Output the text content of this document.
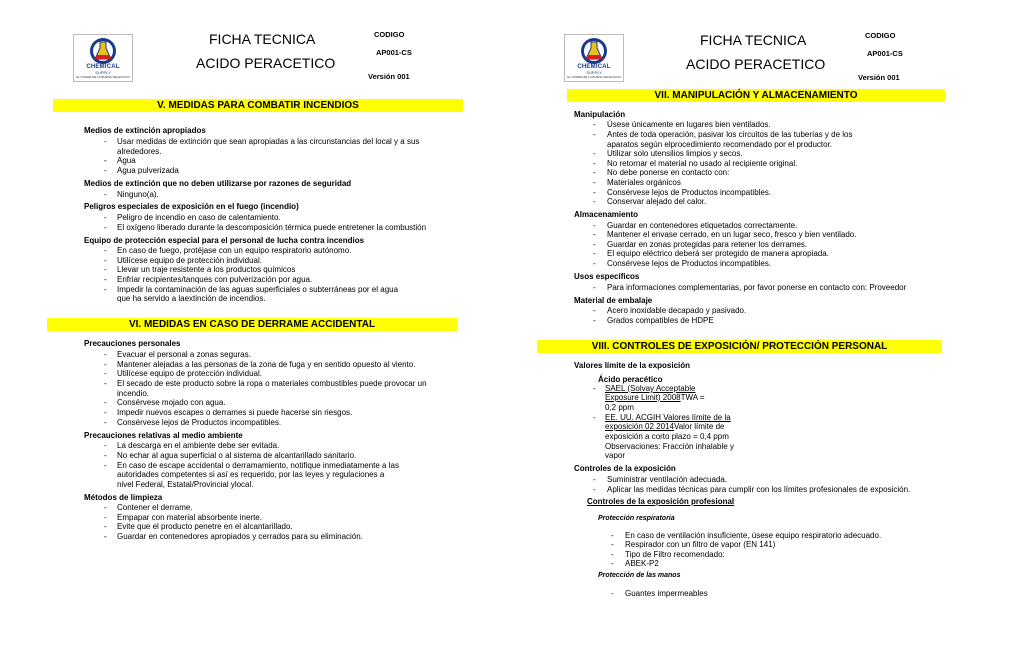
CHEMICAL
SUPPLY
EL PODER DE LA BUENA SELECCION
FICHA TECNICA
ACIDO PERACETICO
CODIGO
AP001-CS
Versión 001
V. MEDIDAS PARA COMBATIR INCENDIOS
Medios de extinción apropiados
- Usar medidas de extinción que sean apropiadas a las circunstancias del local y a sus
alrededores.
- Agua
- Agua pulverizada
Medios de extinción que no deben utilizarse por razones de seguridad
- Ninguno(a).
Peligros especiales de exposición en el fuego (incendio)
- Peligro de incendio en caso de calentamiento.
- El oxígeno liberado durante la descomposición térmica puede entretener la combustión
Equipo de protección especial para el personal de lucha contra incendios
- En caso de fuego, protéjase con un equipo respiratorio autónomo.
- Utilícese equipo de protección individual.
- Llevar un traje resistente a los productos químicos
- Enfriar recipientes/tanques con pulverización por agua.
- Impedir la contaminación de las aguas superficiales o subterráneas por el agua
que ha servido a laextinción de incendios.
VI. MEDIDAS EN CASO DE DERRAME ACCIDENTAL
Precauciones personales
- Evacuar el personal a zonas seguras.
- Mantener alejadas a las personas de la zona de fuga y en sentido opuesto al viento.
- Utilícese equipo de protección individual.
- El secado de este producto sobre la ropa o materiales combustibles puede provocar un
incendio.
- Consérvese mojado con agua.
- Impedir nuevos escapes o derrames si puede hacerse sin riesgos.
- Consérvese lejos de Productos incompatibles.
Precauciones relativas al medio ambiente
- La descarga en el ambiente debe ser evitada.
- No echar al agua superficial o al sistema de alcantarillado sanitario.
- En caso de escape accidental o derramamiento, notifique inmediatamente a las
autoridades competentes si así es requerido, por las leyes y regulaciones a
nivel Federal, Estatal/Provincial ylocal.
Métodos de limpieza
- Contener el derrame.
- Empapar con material absorbente inerte.
- Evite que el producto penetre en el alcantarillado.
- Guardar en contenedores apropiados y cerrados para su eliminación.
CHEMICAL
SUPPLY
EL PODER DE LA BUENA SELECCION
FICHA TECNICA
ACIDO PERACETICO
CODIGO
AP001-CS
Versión 001
VII. MANIPULACIÓN Y ALMACENAMIENTO
Manipulación
- Úsese únicamente en lugares bien ventilados.
- Antes de toda operación, pasivar los circuitos de las tuberías y de los
aparatos según elprocedimiento recomendado por el productor.
- Utilizar solo utensilios limpios y secos.
- No retornar el material no usado al recipiente original.
- No debe ponerse en contacto con:
- Materiales orgánicos
- Consérvese lejos de Productos incompatibles.
- Conservar alejado del calor.
Almacenamiento
- Guardar en contenedores etiquetados correctamente.
- Mantener el envase cerrado, en un lugar seco, fresco y bien ventilado.
- Guardar en zonas protegidas para retener los derrames.
- El equipo eléctrico deberá ser protegido de manera apropiada.
- Consérvese lejos de Productos incompatibles.
Usos específicos
- Para informaciones complementarias, por favor ponerse en contacto con: Proveedor
Material de embalaje
- Acero inoxidable decapado y pasivado.
- Grados compatibles de HDPE
VIII. CONTROLES DE EXPOSICIÓN/ PROTECCIÓN PERSONAL
Valores límite de la exposición
Ácido peracético
- SAEL (Solvay Acceptable
Exposure Limit) 2008TWA =
0,2 ppm
- EE. UU. ACGIH Valores límite de la
exposición 02 2014Valor límite de
exposición a corto plazo = 0,4 ppm
Observaciones: Fracción inhalable y
vapor
Controles de la exposición
- Suministrar ventilación adecuada.
- Aplicar las medidas técnicas para cumplir con los límites profesionales de exposición.
Controles de la exposición profesional
Protección respiratoria
- En caso de ventilación insuficiente, úsese equipo respiratorio adecuado.
- Respirador con un filtro de vapor (EN 141)
- Tipo de Filtro recomendado:
- ABEK-P2
Protección de las manos
- Guantes impermeables
